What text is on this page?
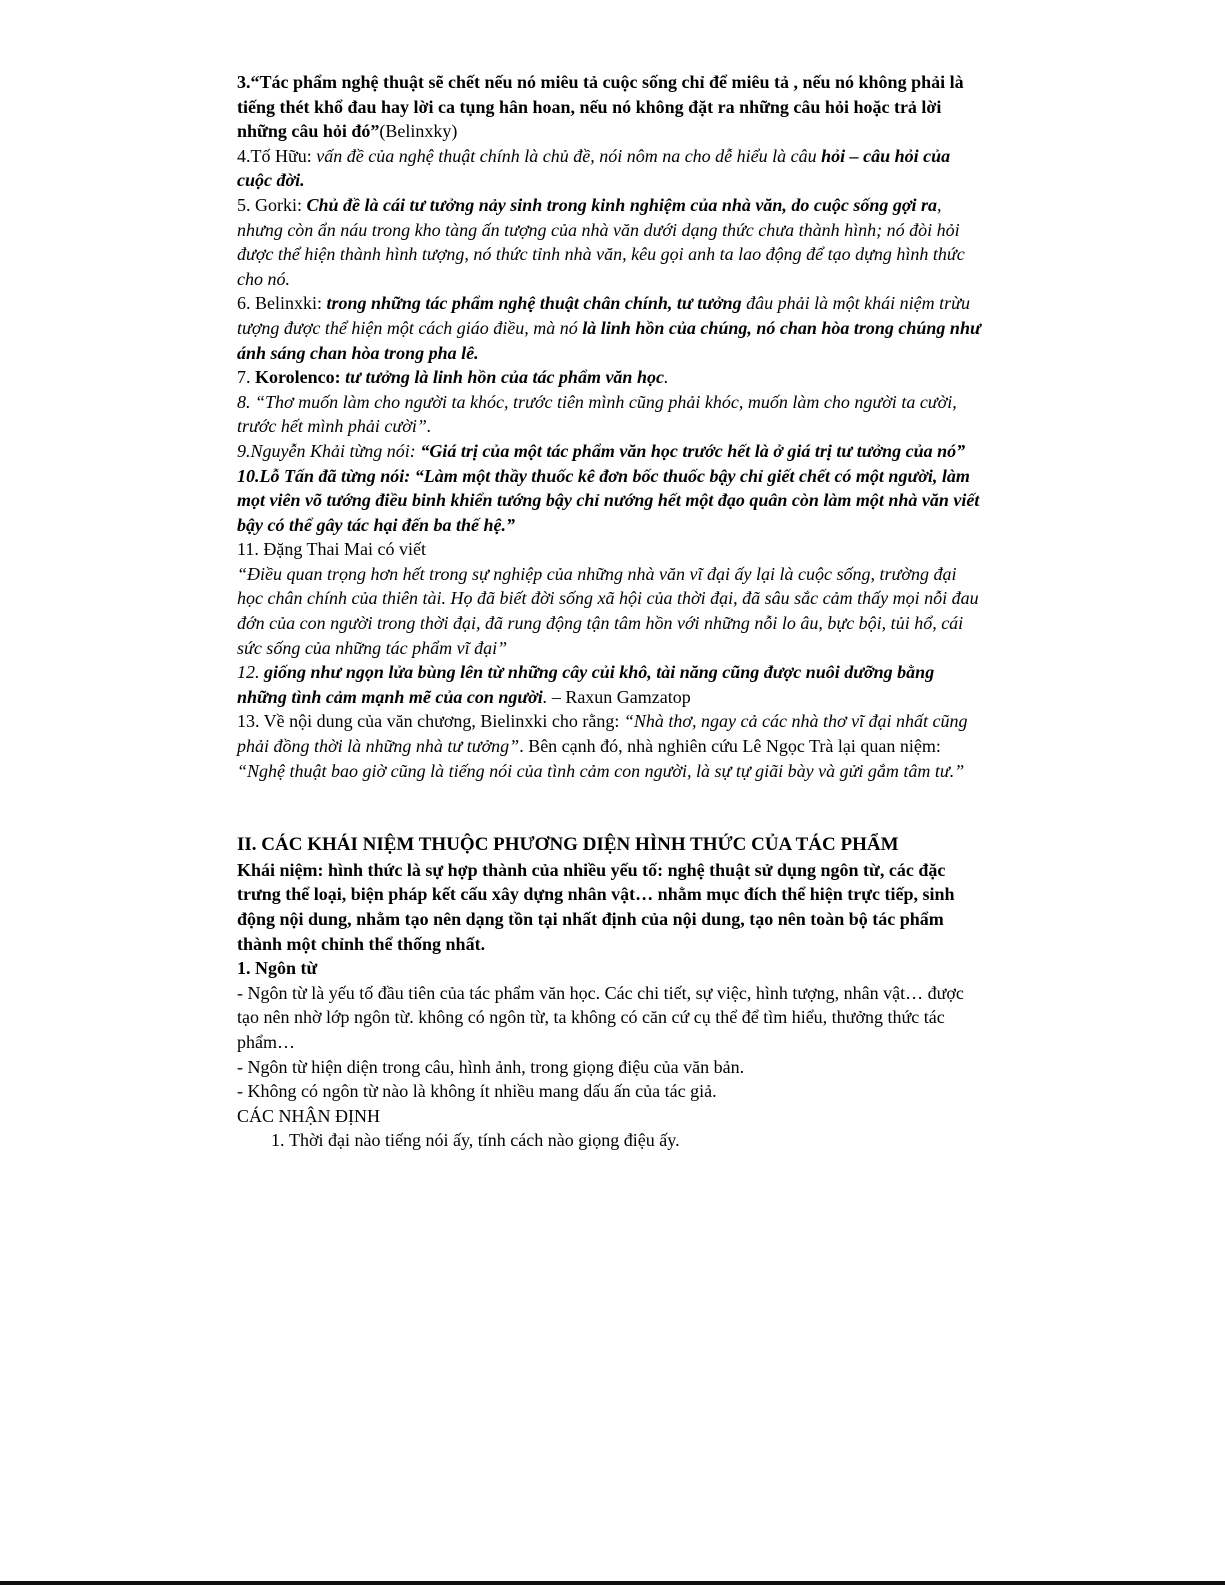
3.“Tác phẩm nghệ thuật sẽ chết nếu nó miêu tả cuộc sống chỉ để miêu tả , nếu nó không phải là tiếng thét khổ đau hay lời ca tụng hân hoan, nếu nó không đặt ra những câu hỏi hoặc trả lời những câu hỏi đó”(Belinxky)

4.Tố Hữu: vấn đề của nghệ thuật chính là chủ đề, nói nôm na cho dễ hiểu là câu hỏi – câu hỏi của cuộc đời.

5. Gorki: Chủ đề là cái tư tưởng nảy sinh trong kinh nghiệm của nhà văn, do cuộc sống gợi ra, nhưng còn ẩn náu trong kho tàng ấn tượng của nhà văn dưới dạng thức chưa thành hình; nó đòi hỏi được thể hiện thành hình tượng, nó thức tỉnh nhà văn, kêu gọi anh ta lao động để tạo dựng hình thức cho nó.

6. Belinxki: trong những tác phẩm nghệ thuật chân chính, tư tưởng đâu phải là một khái niệm trừu tượng được thể hiện một cách giáo điều, mà nó là linh hồn của chúng, nó chan hòa trong chúng như ánh sáng chan hòa trong pha lê.

7. Korolenco: tư tưởng là linh hồn của tác phẩm văn học.

8. “Thơ muốn làm cho người ta khóc, trước tiên mình cũng phải khóc, muốn làm cho người ta cười, trước hết mình phải cười”.

9.Nguyễn Khải từng nói: “Giá trị của một tác phẩm văn học trước hết là ở giá trị tư tưởng của nó”

10.Lỗ Tấn đã từng nói: “Làm một thầy thuốc kê đơn bốc thuốc bậy chỉ giết chết có một người, làm mọt viên võ tướng điều binh khiển tướng bậy chỉ nướng hết một đạo quân còn làm một nhà văn viết bậy có thể gây tác hại đến ba thế hệ.”

11. Đặng Thai Mai có viết

“Điều quan trọng hơn hết trong sự nghiệp của những nhà văn vĩ đại ấy lại là cuộc sống, trường đại học chân chính của thiên tài. Họ đã biết đời sống xã hội của thời đại, đã sâu sắc cảm thấy mọi nỗi đau đớn của con người trong thời đại, đã rung động tận tâm hồn với những nỗi lo âu, bực bội, tủi hổ, cái sức sống của những tác phẩm vĩ đại”

12. giống như ngọn lửa bùng lên từ những cây củi khô, tài năng cũng được nuôi dưỡng bằng những tình cảm mạnh mẽ của con người. – Raxun Gamzatop

13. Về nội dung của văn chương, Bielinxki cho rằng: “Nhà thơ, ngay cả các nhà thơ vĩ đại nhất cũng phải đồng thời là những nhà tư tưởng”. Bên cạnh đó, nhà nghiên cứu Lê Ngọc Trà lại quan niệm: “Nghệ thuật bao giờ cũng là tiếng nói của tình cảm con người, là sự tự giãi bày và gửi gắm tâm tư.”

II. CÁC KHÁI NIỆM THUỘC PHƯƠNG DIỆN HÌNH THỨC CỦA TÁC PHẨM

Khái niệm: hình thức là sự hợp thành của nhiều yếu tố: nghệ thuật sử dụng ngôn từ, các đặc trưng thể loại, biện pháp kết cấu xây dựng nhân vật… nhằm mục đích thể hiện trực tiếp, sinh động nội dung, nhằm tạo nên dạng tồn tại nhất định của nội dung, tạo nên toàn bộ tác phẩm thành một chỉnh thể thống nhất.

1. Ngôn từ

- Ngôn từ là yếu tố đầu tiên của tác phẩm văn học. Các chi tiết, sự việc, hình tượng, nhân vật… được tạo nên nhờ lớp ngôn từ. không có ngôn từ, ta không có căn cứ cụ thể để tìm hiểu, thưởng thức tác phẩm…

- Ngôn từ hiện diện trong câu, hình ảnh, trong giọng điệu của văn bản.

- Không có ngôn từ nào là không ít nhiều mang dấu ấn của tác giả.

CÁC NHẬN ĐỊNH

1. Thời đại nào tiếng nói ấy, tính cách nào giọng điệu ấy.
